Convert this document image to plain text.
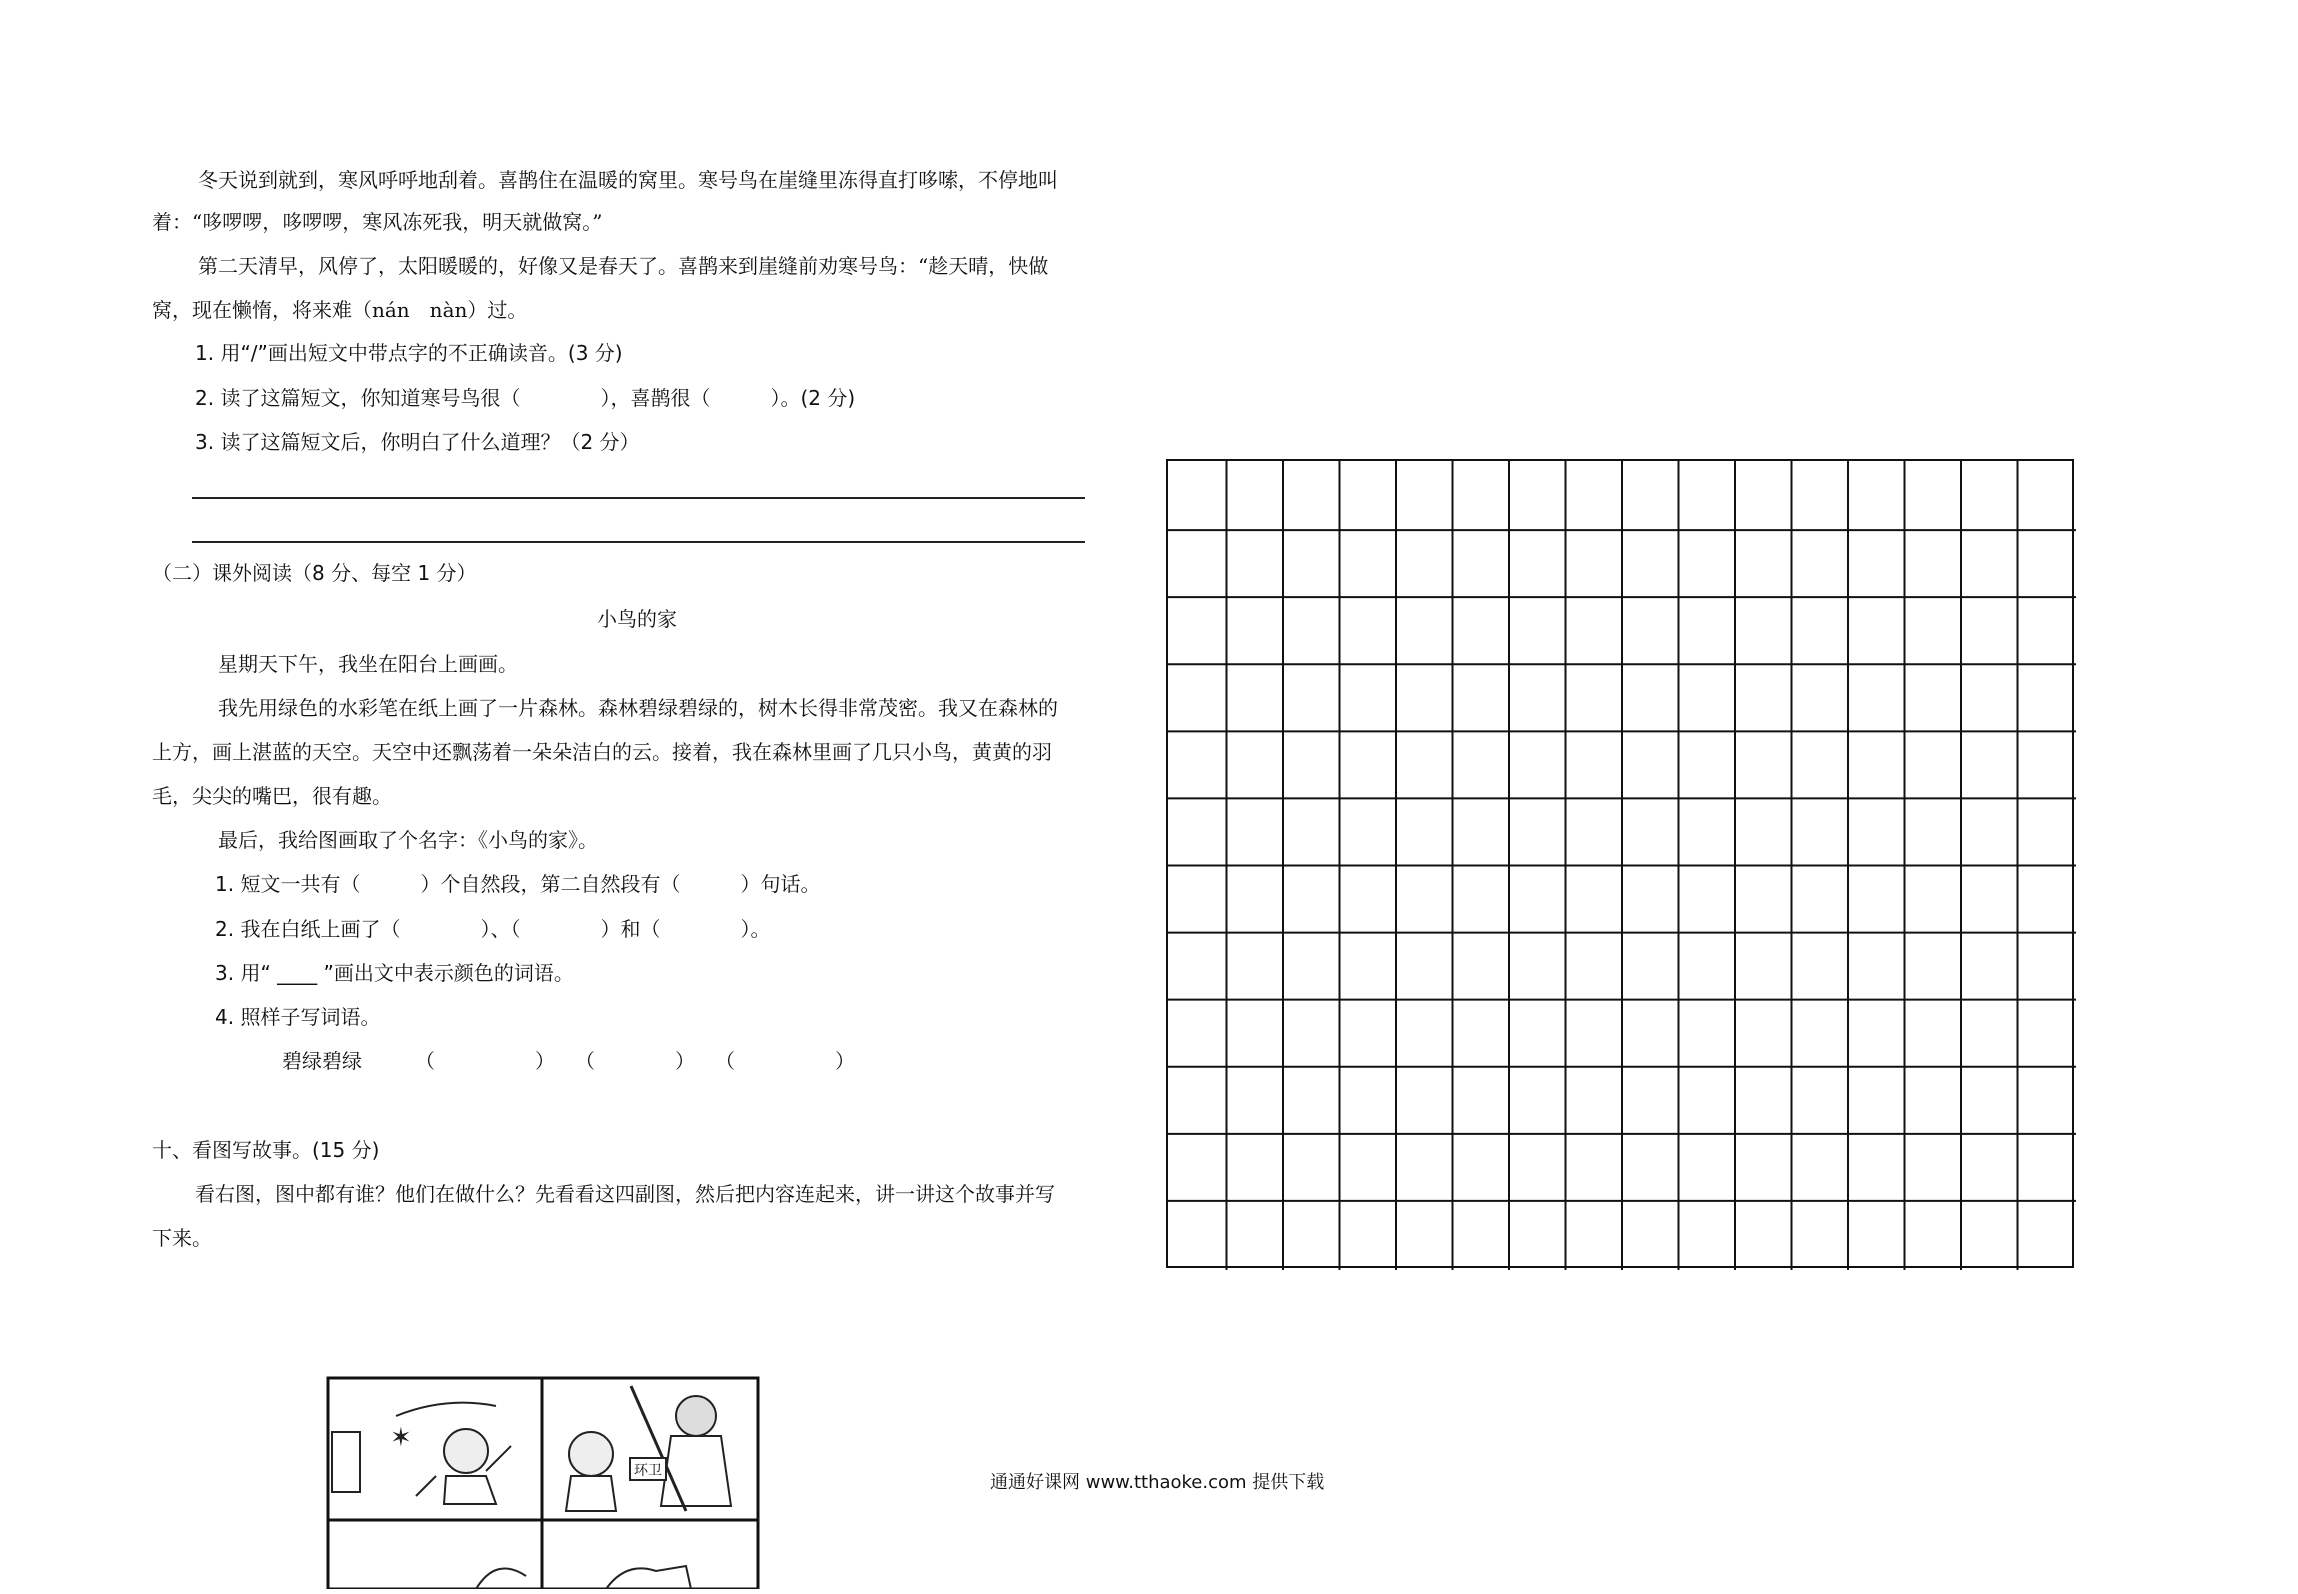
冬天说到就到，寒风呼呼地刮着。喜鹊住在温暖的窝里。寒号鸟在崖缝里冻得直打哆嗦，不停地叫
着：“哆啰啰，哆啰啰，寒风冻死我，明天就做窝。”
第二天清早，风停了，太阳暖暖的，好像又是春天了。喜鹊来到崖缝前劝寒号鸟：“趁天晴，快做
窝，现在懒惰，将来难（nán　nàn）过。
1. 用“/”画出短文中带点字的不正确读音。(3 分)
2. 读了这篇短文，你知道寒号鸟很（　　　　），喜鹊很（　　　）。(2 分)
3. 读了这篇短文后，你明白了什么道理？（2 分）
（二）课外阅读（8 分、每空 1 分）
小鸟的家
星期天下午，我坐在阳台上画画。
我先用绿色的水彩笔在纸上画了一片森林。森林碧绿碧绿的，树木长得非常茂密。我又在森林的
上方，画上湛蓝的天空。天空中还飘荡着一朵朵洁白的云。接着，我在森林里画了几只小鸟，黄黄的羽
毛，尖尖的嘴巴，很有趣。
最后，我给图画取了个名字：《小鸟的家》。
1. 短文一共有（　　　）个自然段，第二自然段有（　　　）句话。
2. 我在白纸上画了（　　　　）、（　　　　）和（　　　　）。
3. 用“ ____ ”画出文中表示颜色的词语。
4. 照样子写词语。
碧绿碧绿	（　　　　　）　　（　　　　）　　（　　　　　）
十、看图写故事。(15 分)
看右图，图中都有谁？他们在做什么？先看看这四副图，然后把内容连起来，讲一讲这个故事并写
下来。
✶
环卫
通通好课网 www.tthaoke.com 提供下载
